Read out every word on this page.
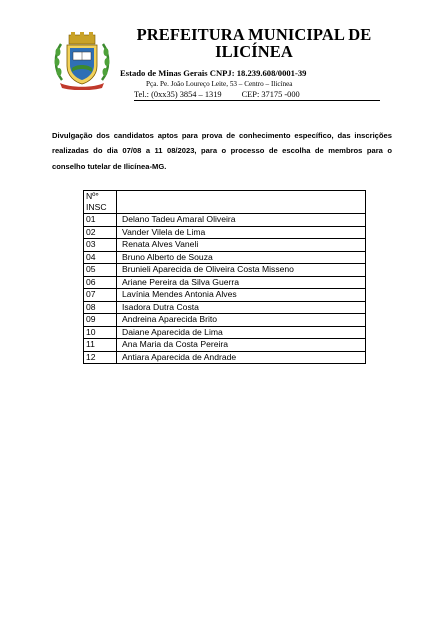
PREFEITURA MUNICIPAL DE ILICÍNEA
Estado de Minas Gerais CNPJ: 18.239.608/0001-39
Pça. Pe. João Loureço Leite, 53 – Centro – Ilicínea
Tel.: (0xx35) 3854 – 1319 CEP: 37175 -000
Divulgação dos candidatos aptos para prova de conhecimento específico, das inscrições realizadas do dia 07/08 a 11 08/2023, para o processo de escolha de membros para o conselho tutelar de Ilicínea-MG.
Nº° INSC	
01	Delano Tadeu Amaral Oliveira
02	Vander Vilela de Lima
03	Renata Alves Vaneli
04	Bruno Alberto de Souza
05	Brunieli Aparecida de Oliveira Costa Misseno
06	Ariane Pereira da Silva Guerra
07	Lavínia Mendes Antonia Alves
08	Isadora Dutra Costa
09	Andreina Aparecida Brito
10	Daiane Aparecida de Lima
11	Ana Maria da Costa Pereira
12	Antiara Aparecida de Andrade
